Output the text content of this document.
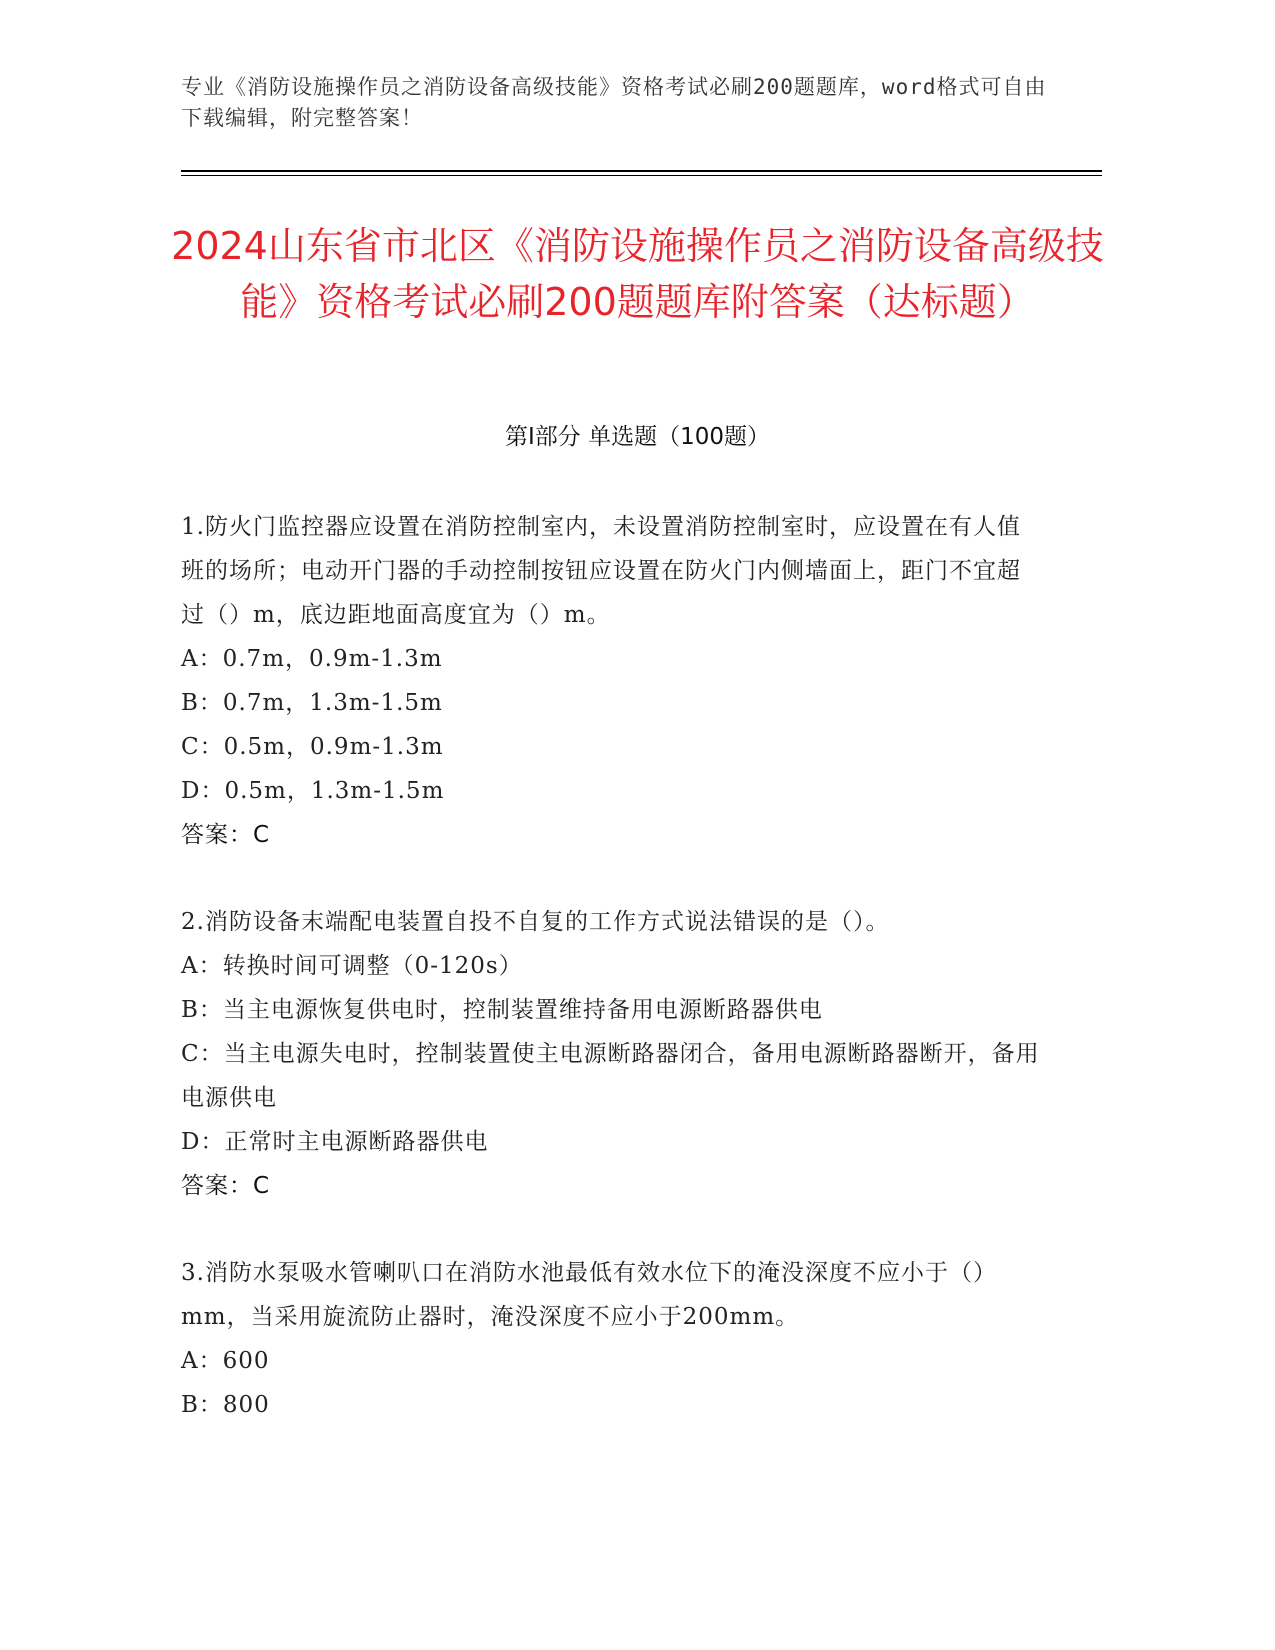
专业《消防设施操作员之消防设备高级技能》资格考试必刷200题题库，word格式可自由下载编辑，附完整答案！
2024山东省市北区《消防设施操作员之消防设备高级技能》资格考试必刷200题题库附答案（达标题）
第Ⅰ部分 单选题（100题）

1.防火门监控器应设置在消防控制室内，未设置消防控制室时，应设置在有人值班的场所；电动开门器的手动控制按钮应设置在防火门内侧墙面上，距门不宜超过（）m，底边距地面高度宜为（）m。

A：0.7m，0.9m-1.3m

B：0.7m，1.3m-1.5m

C：0.5m，0.9m-1.3m

D：0.5m，1.3m-1.5m

答案：C

2.消防设备末端配电装置自投不自复的工作方式说法错误的是（）。

A：转换时间可调整（0-120s）

B：当主电源恢复供电时，控制装置维持备用电源断路器供电

C：当主电源失电时，控制装置使主电源断路器闭合，备用电源断路器断开，备用电源供电

D：正常时主电源断路器供电

答案：C

3.消防水泵吸水管喇叭口在消防水池最低有效水位下的淹没深度不应小于（）mm，当采用旋流防止器时，淹没深度不应小于200mm。

A：600

B：800
